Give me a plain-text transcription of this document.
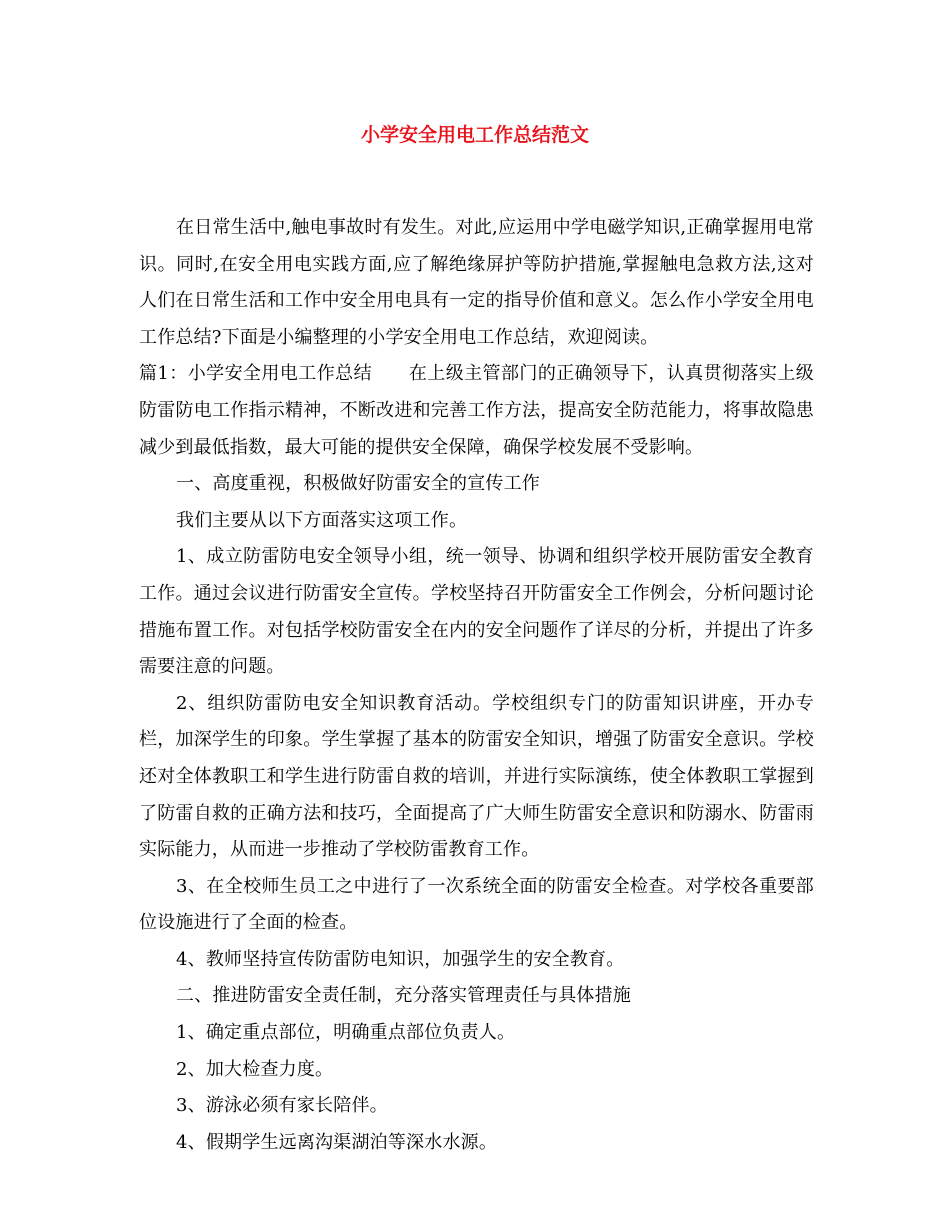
小学安全用电工作总结范文

在日常生活中,触电事故时有发生。对此,应运用中学电磁学知识,正确掌握用电常识。同时,在安全用电实践方面,应了解绝缘屏护等防护措施,掌握触电急救方法,这对人们在日常生活和工作中安全用电具有一定的指导价值和意义。怎么作小学安全用电工作总结?下面是小编整理的小学安全用电工作总结，欢迎阅读。

篇1：小学安全用电工作总结　　在上级主管部门的正确领导下，认真贯彻落实上级防雷防电工作指示精神，不断改进和完善工作方法，提高安全防范能力，将事故隐患减少到最低指数，最大可能的提供安全保障，确保学校发展不受影响。

一、高度重视，积极做好防雷安全的宣传工作

我们主要从以下方面落实这项工作。

1、成立防雷防电安全领导小组，统一领导、协调和组织学校开展防雷安全教育工作。通过会议进行防雷安全宣传。学校坚持召开防雷安全工作例会，分析问题讨论措施布置工作。对包括学校防雷安全在内的安全问题作了详尽的分析，并提出了许多需要注意的问题。

2、组织防雷防电安全知识教育活动。学校组织专门的防雷知识讲座，开办专栏，加深学生的印象。学生掌握了基本的防雷安全知识，增强了防雷安全意识。学校还对全体教职工和学生进行防雷自救的培训，并进行实际演练，使全体教职工掌握到了防雷自救的正确方法和技巧，全面提高了广大师生防雷安全意识和防溺水、防雷雨实际能力，从而进一步推动了学校防雷教育工作。

3、在全校师生员工之中进行了一次系统全面的防雷安全检查。对学校各重要部位设施进行了全面的检查。

4、教师坚持宣传防雷防电知识，加强学生的安全教育。

二、推进防雷安全责任制，充分落实管理责任与具体措施

1、确定重点部位，明确重点部位负责人。

2、加大检查力度。

3、游泳必须有家长陪伴。

4、假期学生远离沟渠湖泊等深水水源。
